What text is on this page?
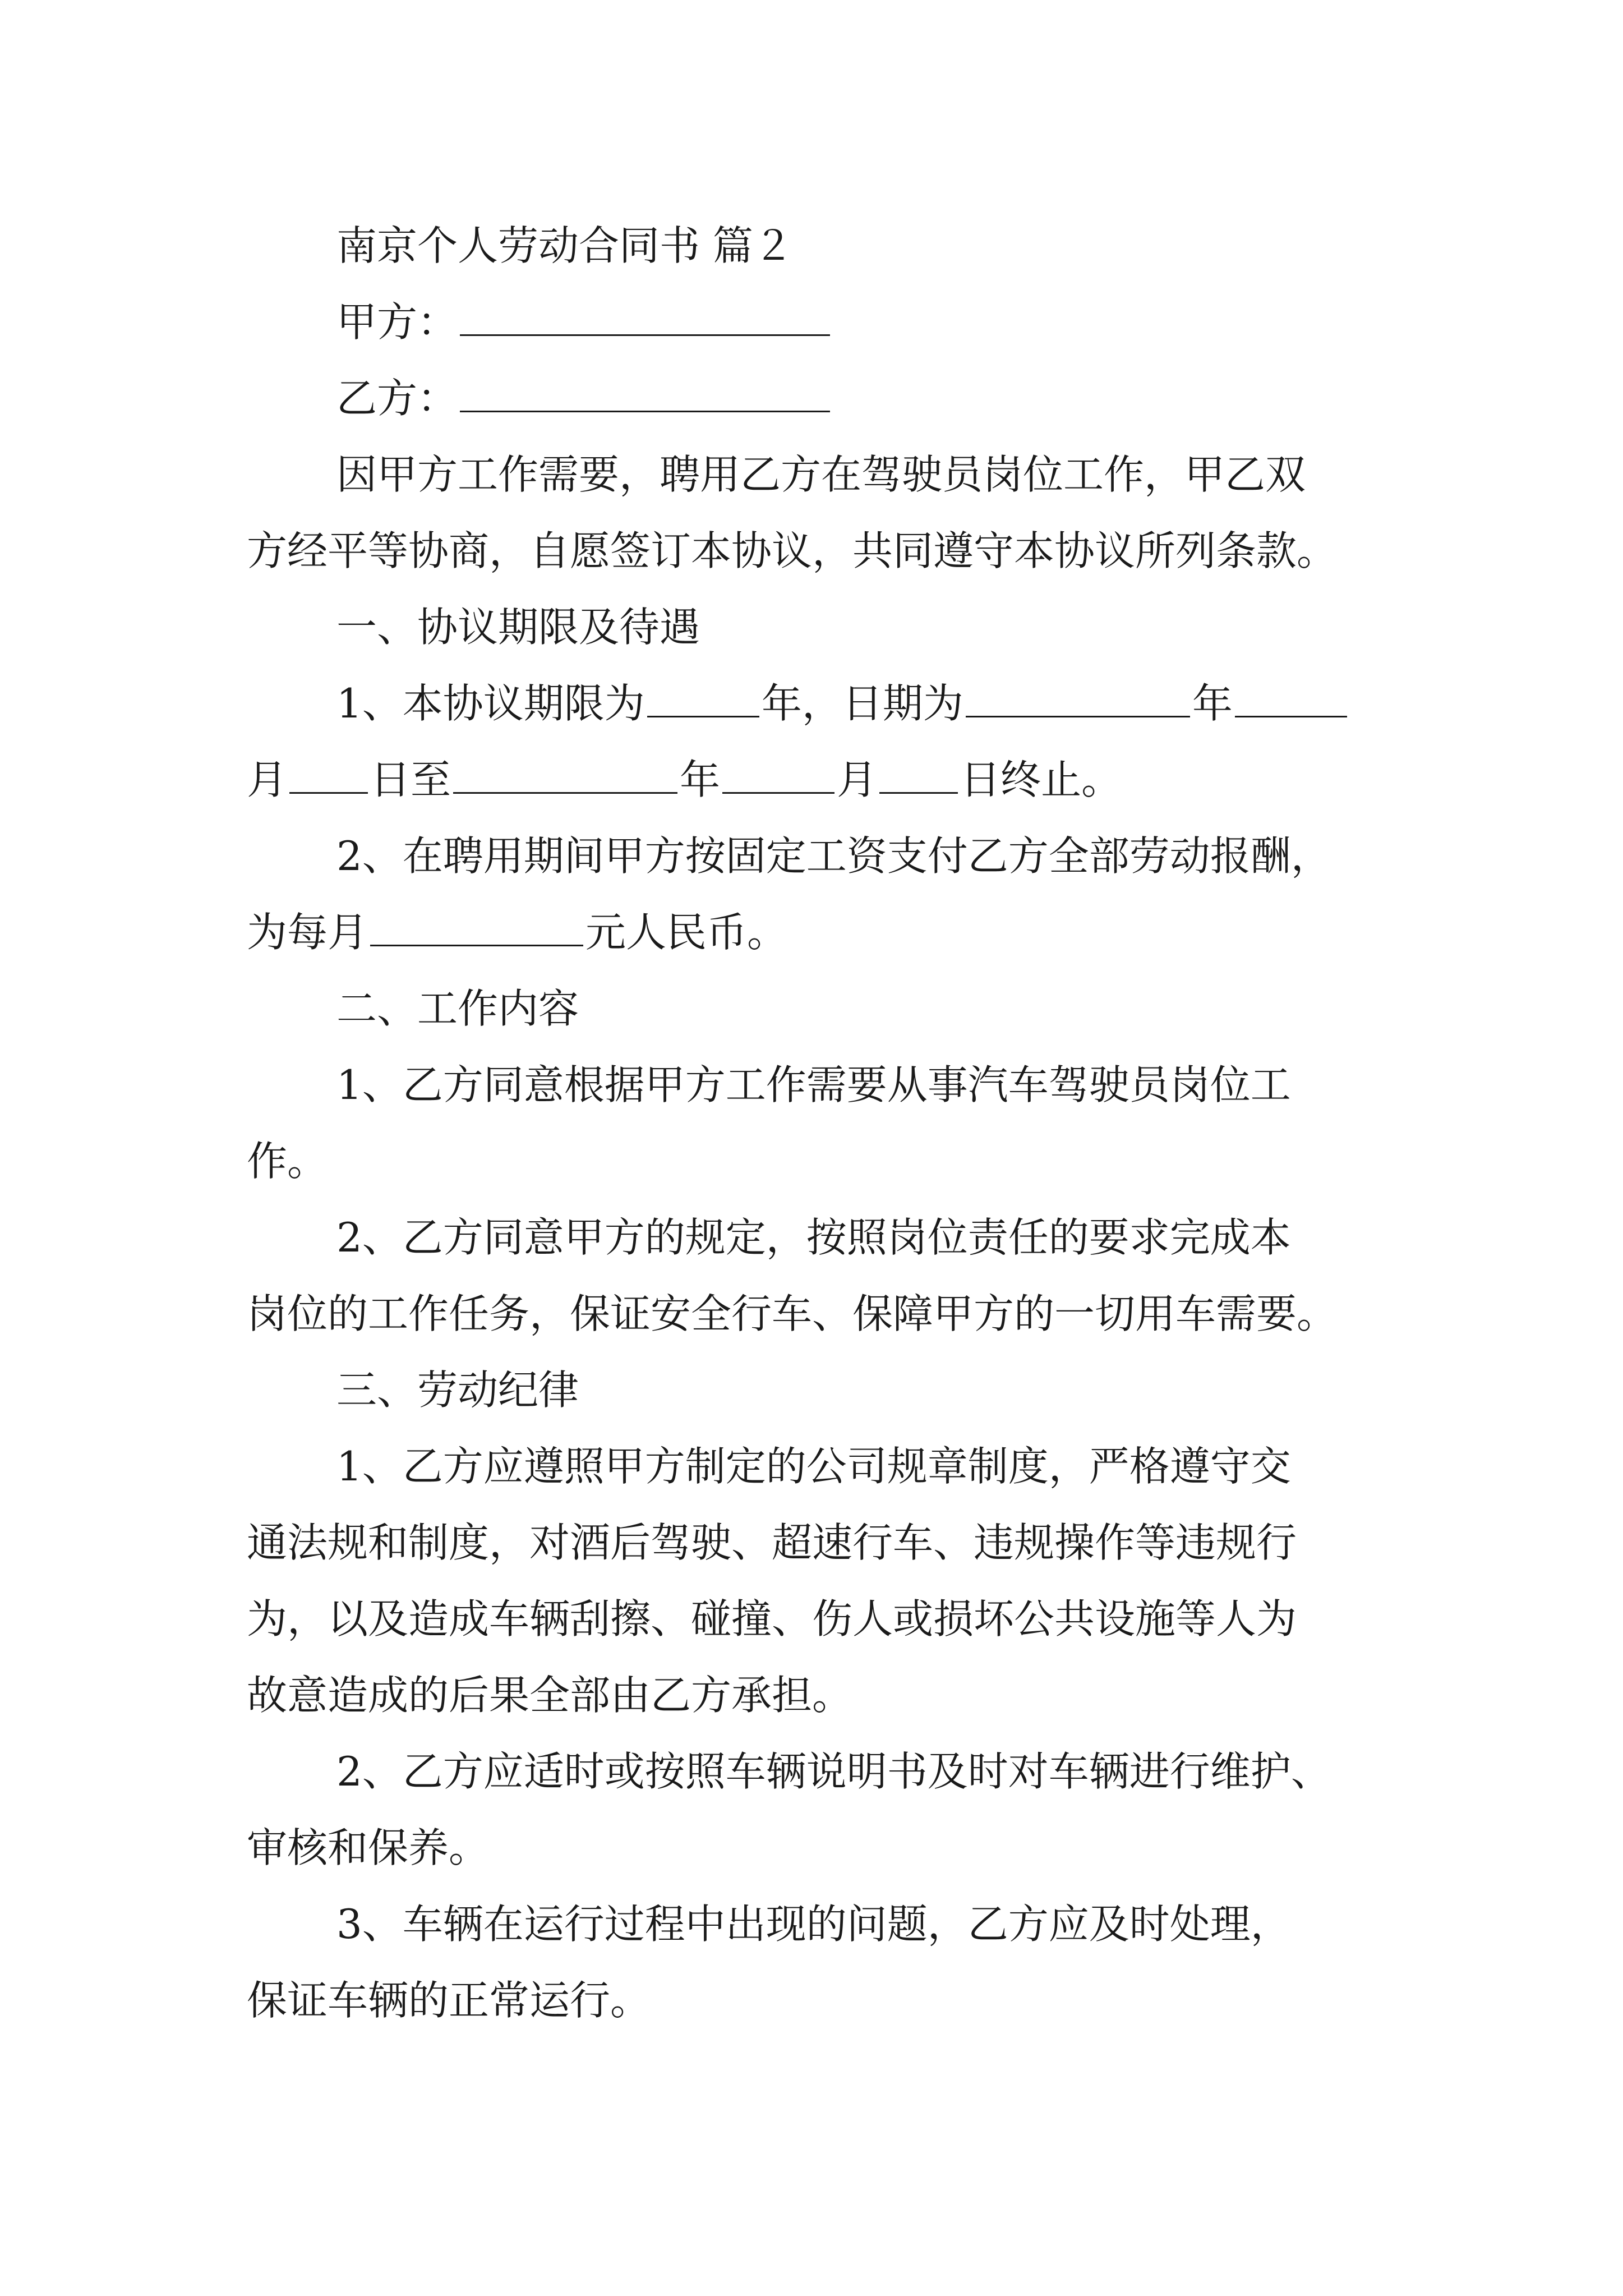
南京个人劳动合同书 篇２
甲方：
乙方：
因甲方工作需要，聘用乙方在驾驶员岗位工作，甲乙双
方经平等协商，自愿签订本协议，共同遵守本协议所列条款。
一、协议期限及待遇
1、本协议期限为	年，日期为	年
月 日至	年	月 日终止。
2、在聘用期间甲方按固定工资支付乙方全部劳动报酬，
为每月	元人民币。
二、工作内容
1、乙方同意根据甲方工作需要从事汽车驾驶员岗位工
作。
2、乙方同意甲方的规定，按照岗位责任的要求完成本
岗位的工作任务，保证安全行车、保障甲方的一切用车需要。
三、劳动纪律
1、乙方应遵照甲方制定的公司规章制度，严格遵守交
通法规和制度，对酒后驾驶、超速行车、违规操作等违规行
为，以及造成车辆刮擦、碰撞、伤人或损坏公共设施等人为
故意造成的后果全部由乙方承担。
2、乙方应适时或按照车辆说明书及时对车辆进行维护、
审核和保养。
3、车辆在运行过程中出现的问题，乙方应及时处理，
保证车辆的正常运行。
